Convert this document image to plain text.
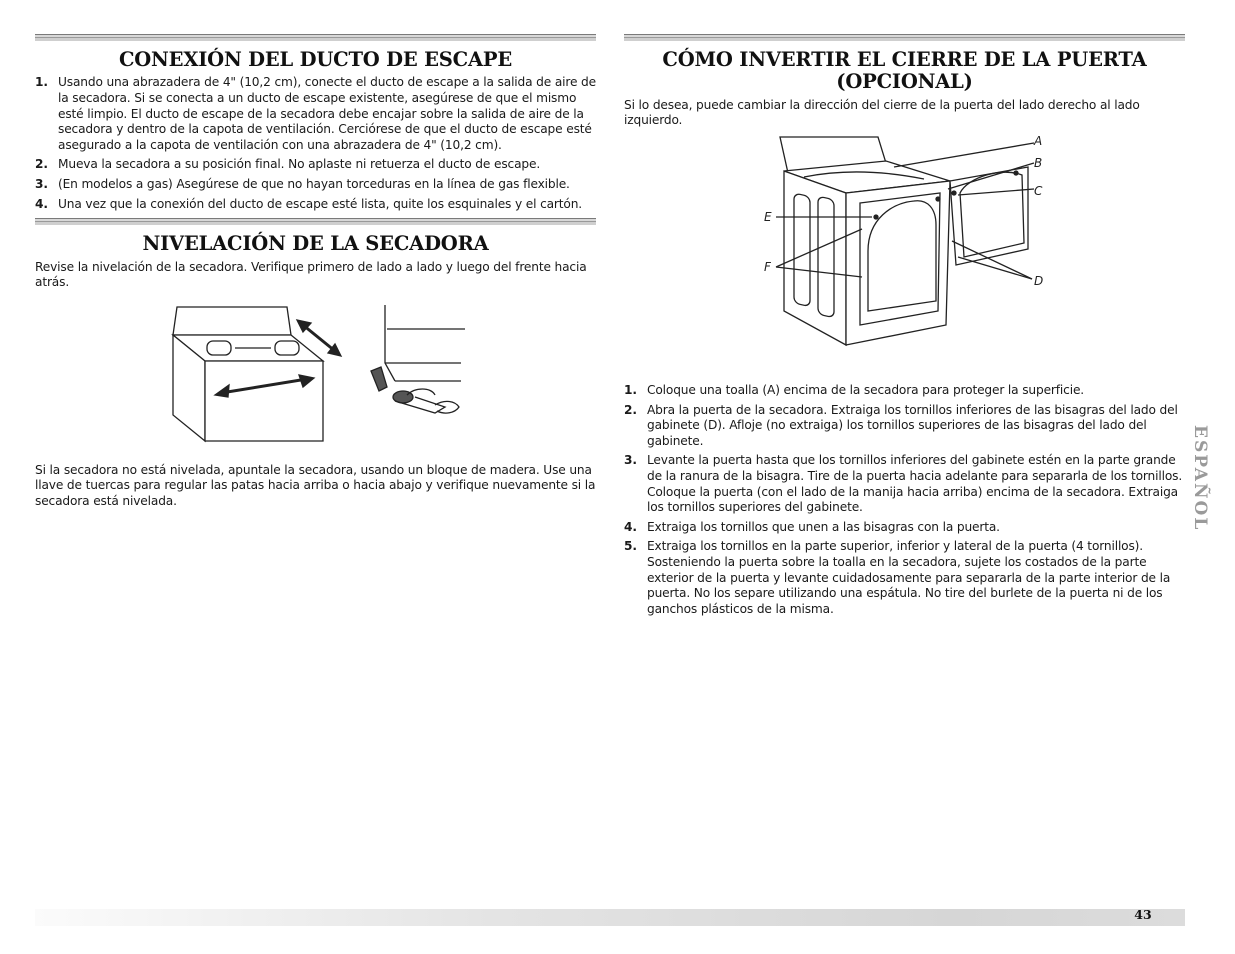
CONEXIÓN DEL DUCTO DE ESCAPE
1. Usando una abrazadera de 4" (10,2 cm), conecte el ducto de escape a la salida de aire de la secadora. Si se conecta a un ducto de escape existente, asegúrese de que el mismo esté limpio. El ducto de escape de la secadora debe encajar sobre la salida de aire de la secadora y dentro de la capota de ventilación. Cerciórese de que el ducto de escape esté asegurado a la capota de ventilación con una abrazadera de 4" (10,2 cm).
2. Mueva la secadora a su posición final. No aplaste ni retuerza el ducto de escape.
3. (En modelos a gas) Asegúrese de que no hayan torceduras en la línea de gas flexible.
4. Una vez que la conexión del ducto de escape esté lista, quite los esquinales y el cartón.
NIVELACIÓN DE LA SECADORA

Revise la nivelación de la secadora. Verifique primero de lado a lado y luego del frente hacia atrás.

Si la secadora no está nivelada, apuntale la secadora, usando un bloque de madera. Use una llave de tuercas para regular las patas hacia arriba o hacia abajo y verifique nuevamente si la secadora está nivelada.

CÓMO INVERTIR EL CIERRE DE LA PUERTA (OPCIONAL)

Si lo desea, puede cambiar la dirección del cierre de la puerta del lado derecho al lado izquierdo.

A
B
C
D
E
F
1. Coloque una toalla (A) encima de la secadora para proteger la superficie.
2. Abra la puerta de la secadora. Extraiga los tornillos inferiores de las bisagras del lado del gabinete (D). Afloje (no extraiga) los tornillos superiores de las bisagras del lado del gabinete.
3. Levante la puerta hasta que los tornillos inferiores del gabinete estén en la parte grande de la ranura de la bisagra. Tire de la puerta hacia adelante para separarla de los tornillos. Coloque la puerta (con el lado de la manija hacia arriba) encima de la secadora. Extraiga los tornillos superiores del gabinete.
4. Extraiga los tornillos que unen a las bisagras con la puerta.
5. Extraiga los tornillos en la parte superior, inferior y lateral de la puerta (4 tornillos). Sosteniendo la puerta sobre la toalla en la secadora, sujete los costados de la parte exterior de la puerta y levante cuidadosamente para separarla de la parte interior de la puerta. No los separe utilizando una espátula. No tire del burlete de la puerta ni de los ganchos plásticos de la misma.
ESPAÑOL
43
